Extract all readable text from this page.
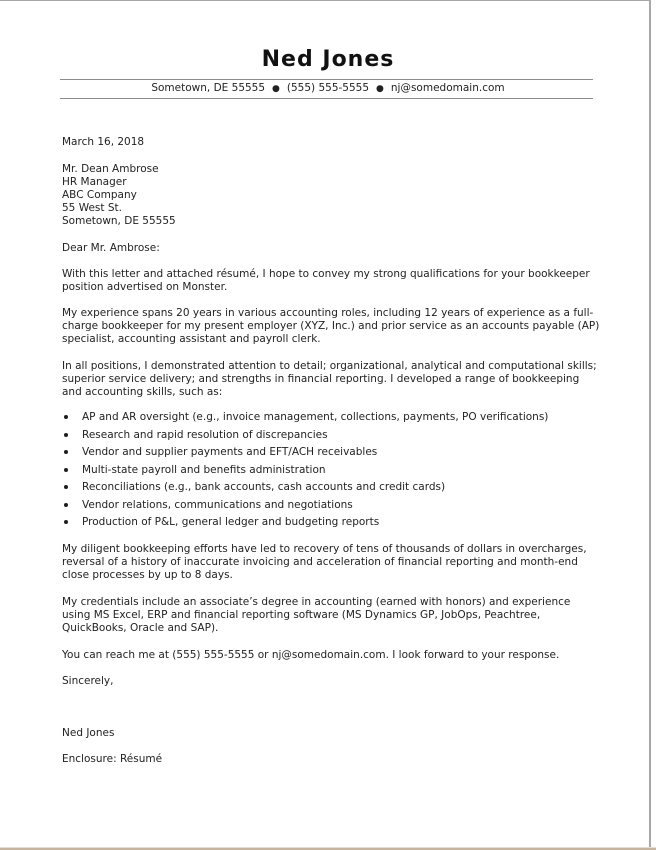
Ned Jones
Sometown, DE 55555 ● (555) 555-5555 ● nj@somedomain.com
March 16, 2018
Mr. Dean Ambrose
HR Manager
ABC Company
55 West St.
Sometown, DE 55555
Dear Mr. Ambrose:
With this letter and attached résumé, I hope to convey my strong qualifications for your bookkeeper position advertised on Monster.
My experience spans 20 years in various accounting roles, including 12 years of experience as a full-charge bookkeeper for my present employer (XYZ, Inc.) and prior service as an accounts payable (AP) specialist, accounting assistant and payroll clerk.
In all positions, I demonstrated attention to detail; organizational, analytical and computational skills; superior service delivery; and strengths in financial reporting. I developed a range of bookkeeping and accounting skills, such as:
AP and AR oversight (e.g., invoice management, collections, payments, PO verifications)
Research and rapid resolution of discrepancies
Vendor and supplier payments and EFT/ACH receivables
Multi-state payroll and benefits administration
Reconciliations (e.g., bank accounts, cash accounts and credit cards)
Vendor relations, communications and negotiations
Production of P&L, general ledger and budgeting reports
My diligent bookkeeping efforts have led to recovery of tens of thousands of dollars in overcharges, reversal of a history of inaccurate invoicing and acceleration of financial reporting and month-end close processes by up to 8 days.
My credentials include an associate’s degree in accounting (earned with honors) and experience using MS Excel, ERP and financial reporting software (MS Dynamics GP, JobOps, Peachtree, QuickBooks, Oracle and SAP).
You can reach me at (555) 555-5555 or nj@somedomain.com. I look forward to your response.
Sincerely,
Ned Jones
Enclosure: Résumé
